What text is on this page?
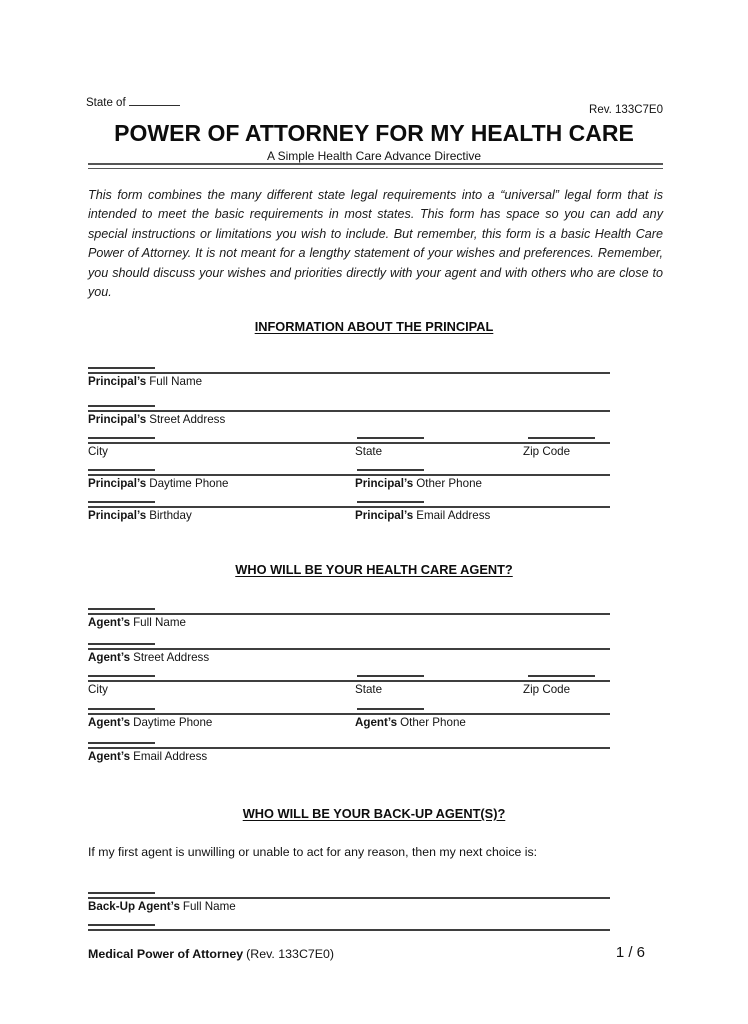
State of
Rev. 133C7E0
POWER OF ATTORNEY FOR MY HEALTH CARE
A Simple Health Care Advance Directive

This form combines the many different state legal requirements into a “universal” legal form that is intended to meet the basic requirements in most states. This form has space so you can add any special instructions or limitations you wish to include. But remember, this form is a basic Health Care Power of Attorney. It is not meant for a lengthy statement of your wishes and preferences. Remember, you should discuss your wishes and priorities directly with your agent and with others who are close to you.

INFORMATION ABOUT THE PRINCIPAL
Principal’s Full Name
Principal’s Street Address
City	State	Zip Code
Principal’s Daytime Phone	Principal’s Other Phone
Principal’s Birthday	Principal’s Email Address
WHO WILL BE YOUR HEALTH CARE AGENT?
Agent’s Full Name
Agent’s Street Address
City	State	Zip Code
Agent’s Daytime Phone	Agent’s Other Phone
Agent’s Email Address
WHO WILL BE YOUR BACK-UP AGENT(S)?

If my first agent is unwilling or unable to act for any reason, then my next choice is:

Back-Up Agent’s Full Name
Medical Power of Attorney (Rev. 133C7E0)	1 / 6
